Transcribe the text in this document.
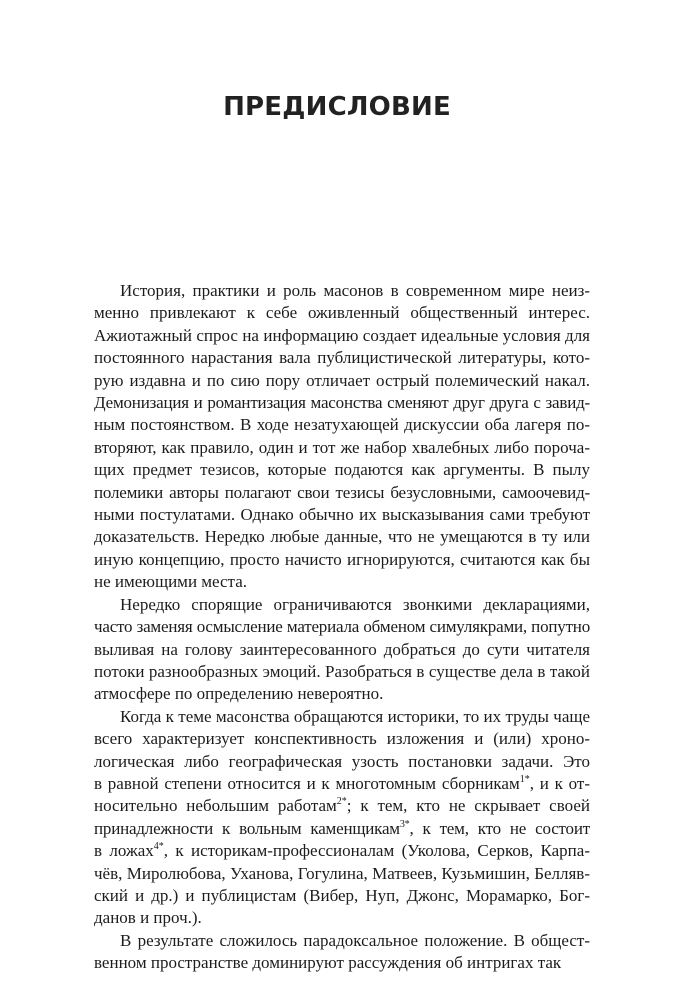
ПРЕДИСЛОВИЕ
История, практики и роль масонов в современном мире неиз-
менно привлекают к себе оживленный общественный интерес.
Ажиотажный спрос на информацию создает идеальные условия для
постоянного нарастания вала публицистической литературы, кото-
рую издавна и по сию пору отличает острый полемический накал.
Демонизация и романтизация масонства сменяют друг друга с завид-
ным постоянством. В ходе незатухающей дискуссии оба лагеря по-
вторяют, как правило, один и тот же набор хвалебных либо пороча-
щих предмет тезисов, которые подаются как аргументы. В пылу
полемики авторы полагают свои тезисы безусловными, самоочевид-
ными постулатами. Однако обычно их высказывания сами требуют
доказательств. Нередко любые данные, что не умещаются в ту или
иную концепцию, просто начисто игнорируются, считаются как бы
не имеющими места.
Нередко спорящие ограничиваются звонкими декларациями,
часто заменяя осмысление материала обменом симулякрами, попутно
выливая на голову заинтересованного добраться до сути читателя
потоки разнообразных эмоций. Разобраться в существе дела в такой
атмосфере по определению невероятно.
Когда к теме масонства обращаются историки, то их труды чаще
всего характеризует конспективность изложения и (или) хроно-
логическая либо географическая узость постановки задачи. Это
в равной степени относится и к многотомным сборникам$^{1*}$, и к от-
носительно небольшим работам$^{2*}$; к тем, кто не скрывает своей
принадлежности к вольным каменщикам$^{3*}$, к тем, кто не состоит
в ложах$^{4*}$, к историкам-профессионалам (Уколова, Серков, Карпа-
чёв, Миролюбова, Уханова, Гогулина, Матвеев, Кузьмишин, Белляв-
ский и др.) и публицистам (Вибер, Нуп, Джонс, Морамарко, Бог-
данов и проч.).
В результате сложилось парадоксальное положение. В общест-
венном пространстве доминируют рассуждения об интригах так
